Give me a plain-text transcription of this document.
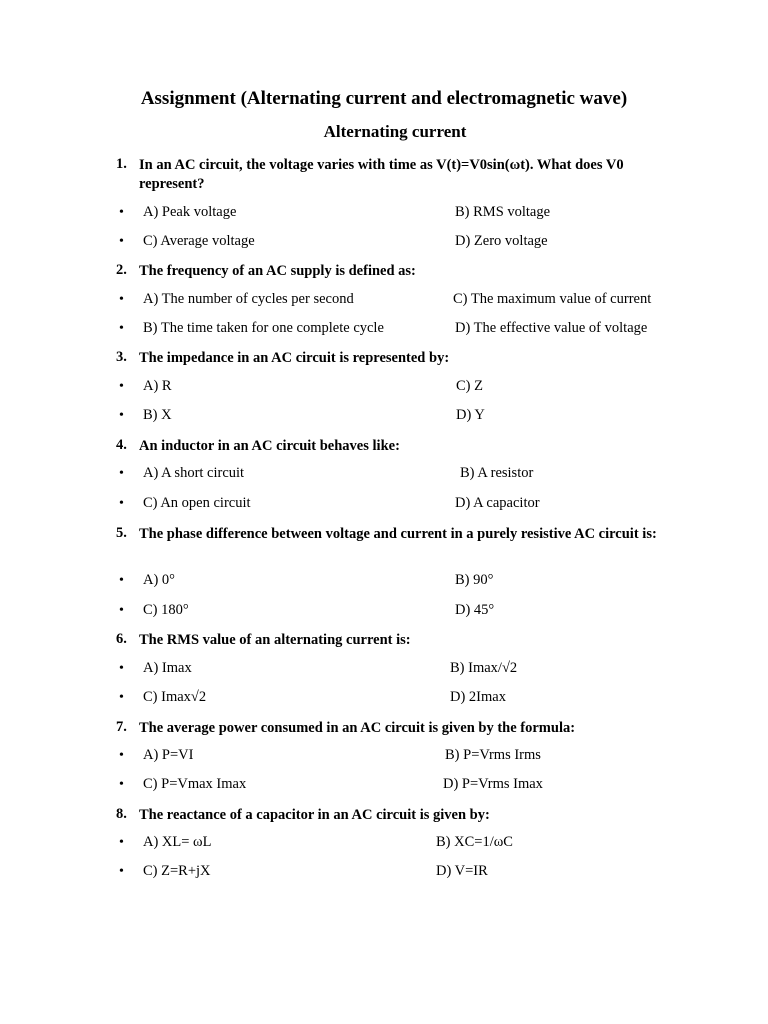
Assignment (Alternating current and electromagnetic wave)
Alternating current
1. In an AC circuit, the voltage varies with time as V(t)=V0sin(ωt). What does V0 represent?
• A) Peak voltage	B) RMS voltage
• C) Average voltage	D) Zero voltage
2. The frequency of an AC supply is defined as:
• A) The number of cycles per second	C) The maximum value of current
• B) The time taken for one complete cycle	D) The effective value of voltage
3. The impedance in an AC circuit is represented by:
• A) R	C) Z
• B) X	D) Y
4. An inductor in an AC circuit behaves like:
• A) A short circuit	B) A resistor
• C) An open circuit	D) A capacitor
5. The phase difference between voltage and current in a purely resistive AC circuit is:
• A) 0°	B) 90°
• C) 180°	D) 45°
6. The RMS value of an alternating current is:
• A) Imax	B) Imax/√2
• C) Imax√2	D) 2Imax
7. The average power consumed in an AC circuit is given by the formula:
• A) P=VI	B) P=Vrms Irms
• C) P=Vmax Imax	D) P=Vrms Imax
8. The reactance of a capacitor in an AC circuit is given by:
• A) XL= ωL	B) XC=1/ωC
• C) Z=R+jX	D) V=IR
